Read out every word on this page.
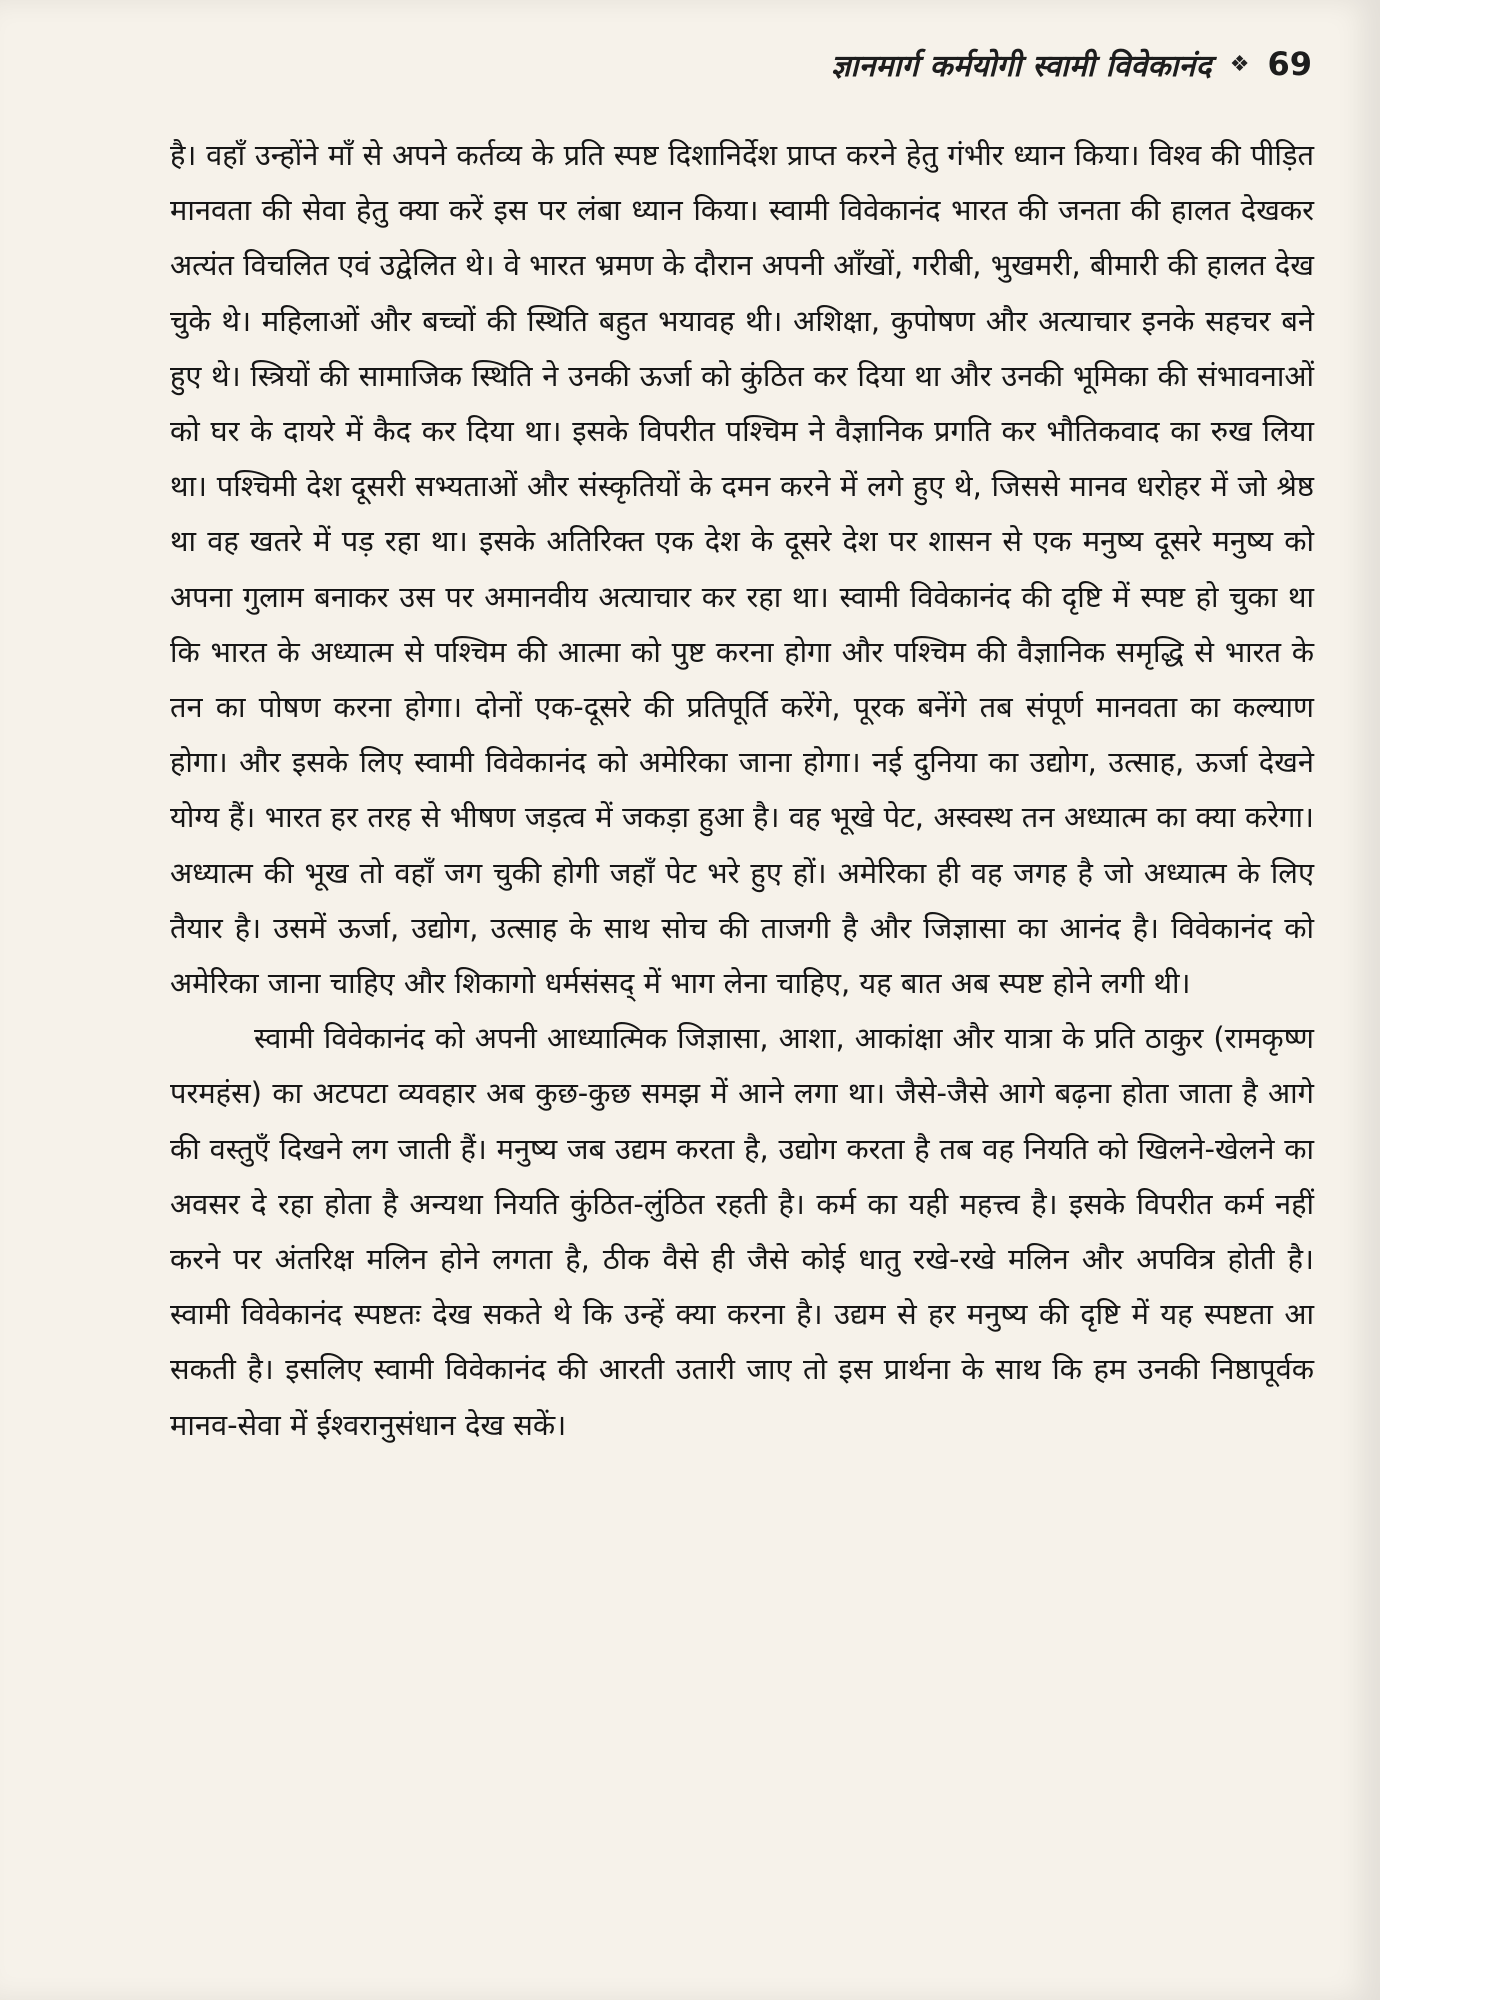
ज्ञानमार्ग कर्मयोगी स्वामी विवेकानंद ❖ 69

है। वहाँ उन्होंने माँ से अपने कर्तव्य के प्रति स्पष्ट दिशानिर्देश प्राप्त करने हेतु गंभीर ध्यान किया। विश्व की पीड़ित मानवता की सेवा हेतु क्या करें इस पर लंबा ध्यान किया। स्वामी विवेकानंद भारत की जनता की हालत देखकर अत्यंत विचलित एवं उद्वेलित थे। वे भारत भ्रमण के दौरान अपनी आँखों, गरीबी, भुखमरी, बीमारी की हालत देख चुके थे। महिलाओं और बच्चों की स्थिति बहुत भयावह थी। अशिक्षा, कुपोषण और अत्याचार इनके सहचर बने हुए थे। स्त्रियों की सामाजिक स्थिति ने उनकी ऊर्जा को कुंठित कर दिया था और उनकी भूमिका की संभावनाओं को घर के दायरे में कैद कर दिया था। इसके विपरीत पश्चिम ने वैज्ञानिक प्रगति कर भौतिकवाद का रुख लिया था। पश्चिमी देश दूसरी सभ्यताओं और संस्कृतियों के दमन करने में लगे हुए थे, जिससे मानव धरोहर में जो श्रेष्ठ था वह खतरे में पड़ रहा था। इसके अतिरिक्त एक देश के दूसरे देश पर शासन से एक मनुष्य दूसरे मनुष्य को अपना गुलाम बनाकर उस पर अमानवीय अत्याचार कर रहा था। स्वामी विवेकानंद की दृष्टि में स्पष्ट हो चुका था कि भारत के अध्यात्म से पश्चिम की आत्मा को पुष्ट करना होगा और पश्चिम की वैज्ञानिक समृद्धि से भारत के तन का पोषण करना होगा। दोनों एक-दूसरे की प्रतिपूर्ति करेंगे, पूरक बनेंगे तब संपूर्ण मानवता का कल्याण होगा। और इसके लिए स्वामी विवेकानंद को अमेरिका जाना होगा। नई दुनिया का उद्योग, उत्साह, ऊर्जा देखने योग्य हैं। भारत हर तरह से भीषण जड़त्व में जकड़ा हुआ है। वह भूखे पेट, अस्वस्थ तन अध्यात्म का क्या करेगा। अध्यात्म की भूख तो वहाँ जग चुकी होगी जहाँ पेट भरे हुए हों। अमेरिका ही वह जगह है जो अध्यात्म के लिए तैयार है। उसमें ऊर्जा, उद्योग, उत्साह के साथ सोच की ताजगी है और जिज्ञासा का आनंद है। विवेकानंद को अमेरिका जाना चाहिए और शिकागो धर्मसंसद् में भाग लेना चाहिए, यह बात अब स्पष्ट होने लगी थी।

स्वामी विवेकानंद को अपनी आध्यात्मिक जिज्ञासा, आशा, आकांक्षा और यात्रा के प्रति ठाकुर (रामकृष्ण परमहंस) का अटपटा व्यवहार अब कुछ-कुछ समझ में आने लगा था। जैसे-जैसे आगे बढ़ना होता जाता है आगे की वस्तुएँ दिखने लग जाती हैं। मनुष्य जब उद्यम करता है, उद्योग करता है तब वह नियति को खिलने-खेलने का अवसर दे रहा होता है अन्यथा नियति कुंठित-लुंठित रहती है। कर्म का यही महत्त्व है। इसके विपरीत कर्म नहीं करने पर अंतरिक्ष मलिन होने लगता है, ठीक वैसे ही जैसे कोई धातु रखे-रखे मलिन और अपवित्र होती है। स्वामी विवेकानंद स्पष्टतः देख सकते थे कि उन्हें क्या करना है। उद्यम से हर मनुष्य की दृष्टि में यह स्पष्टता आ सकती है। इसलिए स्वामी विवेकानंद की आरती उतारी जाए तो इस प्रार्थना के साथ कि हम उनकी निष्ठापूर्वक मानव-सेवा में ईश्वरानुसंधान देख सकें।
